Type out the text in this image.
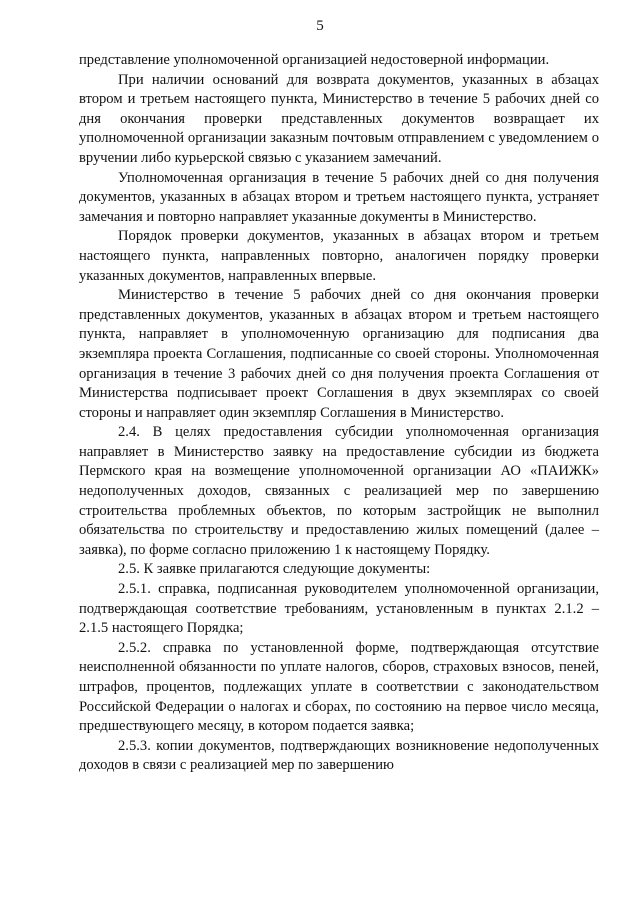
5

представление уполномоченной организацией недостоверной информации.

При наличии оснований для возврата документов, указанных в абзацах втором и третьем настоящего пункта, Министерство в течение 5 рабочих дней со дня окончания проверки представленных документов возвращает их уполномоченной организации заказным почтовым отправлением с уведомлением о вручении либо курьерской связью с указанием замечаний.

Уполномоченная организация в течение 5 рабочих дней со дня получения документов, указанных в абзацах втором и третьем настоящего пункта, устраняет замечания и повторно направляет указанные документы в Министерство.

Порядок проверки документов, указанных в абзацах втором и третьем настоящего пункта, направленных повторно, аналогичен порядку проверки указанных документов, направленных впервые.

Министерство в течение 5 рабочих дней со дня окончания проверки представленных документов, указанных в абзацах втором и третьем настоящего пункта, направляет в уполномоченную организацию для подписания два экземпляра проекта Соглашения, подписанные со своей стороны. Уполномоченная организация в течение 3 рабочих дней со дня получения проекта Соглашения от Министерства подписывает проект Соглашения в двух экземплярах со своей стороны и направляет один экземпляр Соглашения в Министерство.

2.4. В целях предоставления субсидии уполномоченная организация направляет в Министерство заявку на предоставление субсидии из бюджета Пермского края на возмещение уполномоченной организации АО «ПАИЖК» недополученных доходов, связанных с реализацией мер по завершению строительства проблемных объектов, по которым застройщик не выполнил обязательства по строительству и предоставлению жилых помещений (далее – заявка), по форме согласно приложению 1 к настоящему Порядку.

2.5. К заявке прилагаются следующие документы:

2.5.1. справка, подписанная руководителем уполномоченной организации, подтверждающая соответствие требованиям, установленным в пунктах 2.1.2 – 2.1.5 настоящего Порядка;

2.5.2. справка по установленной форме, подтверждающая отсутствие неисполненной обязанности по уплате налогов, сборов, страховых взносов, пеней, штрафов, процентов, подлежащих уплате в соответствии с законодательством Российской Федерации о налогах и сборах, по состоянию на первое число месяца, предшествующего месяцу, в котором подается заявка;

2.5.3. копии документов, подтверждающих возникновение недополученных доходов в связи с реализацией мер по завершению
